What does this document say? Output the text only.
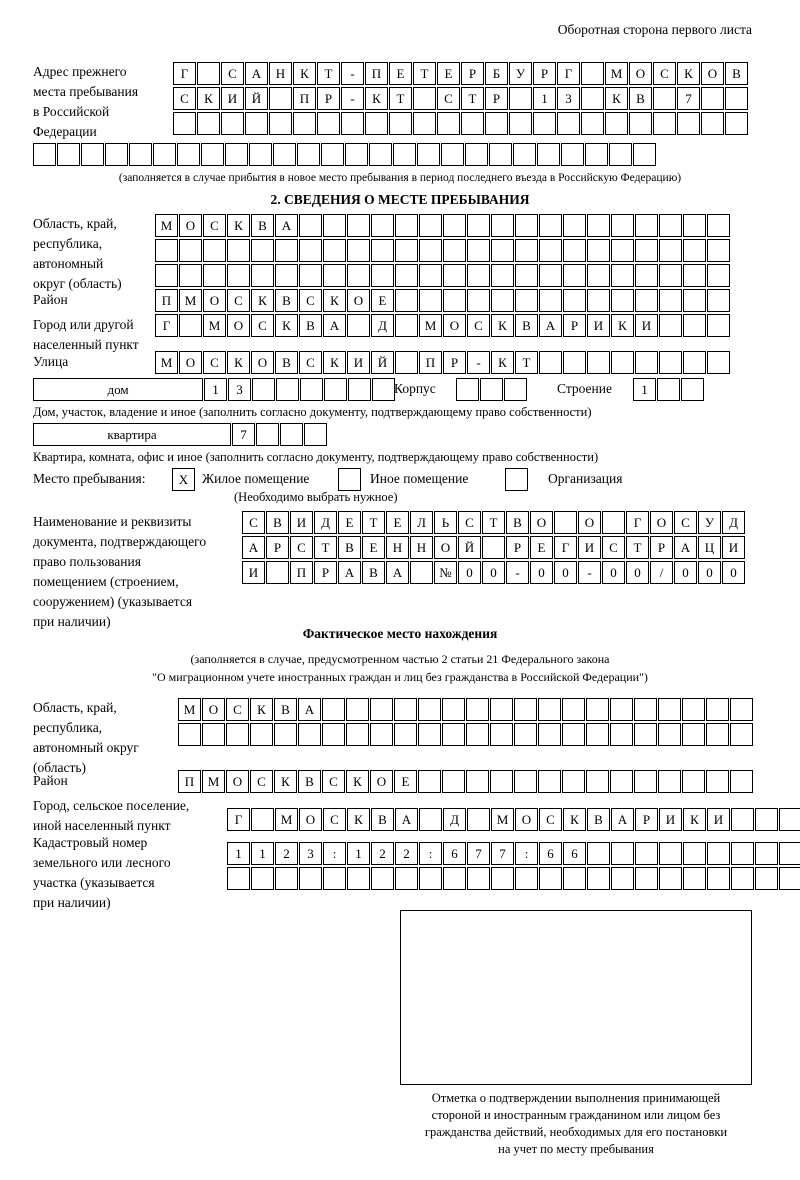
Оборотная сторона первого листа
Адрес прежнего
места пребывания
в Российской
Федерации
Г	С	А	Н	К	Т	-	П	Е	Т	Е	Р	Б	У	Р	Г	М	О	С	К	О	В
С	К	И	Й	П	Р	-	К	Т	С	Т	Р	1	3	К	В	7
(заполняется в случае прибытия в новое место пребывания в период последнего въезда в Российскую Федерацию)
2. СВЕДЕНИЯ О МЕСТЕ ПРЕБЫВАНИЯ
Область, край,
республика,
автономный
округ (область)
М	О	С	К	В	А
Район	П	М	О	С	К	В	С	К	О	Е
Город или другой
населенный пункт
Г	М	О	С	К	В	А	Д	М	О	С	К	В	А	Р	И	К	И
Улица	М	О	С	К	О	В	С	К	И	Й	П	Р	-	К	Т
дом	1	3	Корпус	Строение	1
Дом, участок, владение и иное (заполнить согласно документу, подтверждающему право собственности)
квартира	7
Квартира, комната, офис и иное (заполнить согласно документу, подтверждающему право собственности)
Место пребывания:	X	Жилое помещение	Иное помещение	Организация
(Необходимо выбрать нужное)
Наименование и реквизиты
документа, подтверждающего
право пользования
помещением (строением,
сооружением) (указывается
при наличии)
С	В	И	Д	Е	Т	Е	Л	Ь	С	Т	В	О	О	Г	О	С	У	Д
А	Р	С	Т	В	Е	Н	Н	О	Й	Р	Е	Г	И	С	Т	Р	А	Ц	И
И	П	Р	А	В	А	№	0	0	-	0	0	-	0	0	/	0	0	0
Фактическое место нахождения
(заполняется в случае, предусмотренном частью 2 статьи 21 Федерального закона
"О миграционном учете иностранных граждан и лиц без гражданства в Российской Федерации")
Область, край,
республика,
автономный округ
(область)
М	О	С	К	В	А
Район	П	М	О	С	К	В	С	К	О	Е
Город, сельское поселение,
иной населенный пункт	Г	М	О	С	К	В	А	Д	М	О	С	К	В	А	Р	И	К	И
Кадастровый номер
земельного или лесного
участка (указывается
при наличии)
1	1	2	3	:	1	2	2	:	6	7	7	:	6	6
Отметка о подтверждении выполнения принимающей
стороной и иностранным гражданином или лицом без
гражданства действий, необходимых для его постановки
на учет по месту пребывания
